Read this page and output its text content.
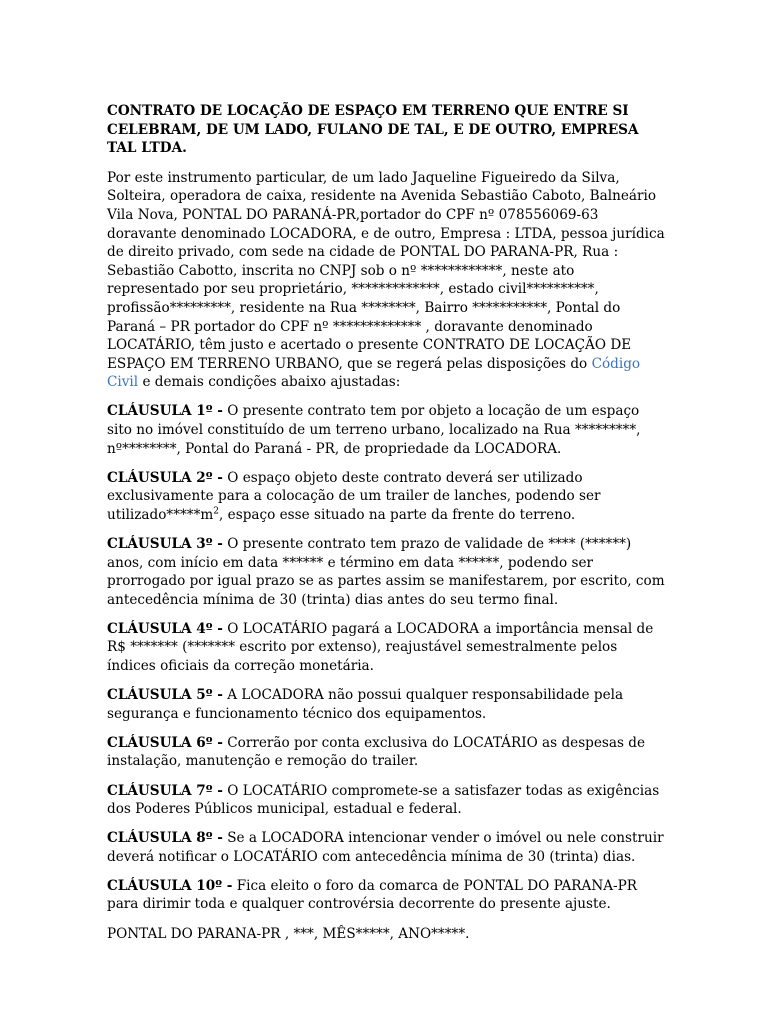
CONTRATO DE LOCAÇÃO DE ESPAÇO EM TERRENO QUE ENTRE SI CELEBRAM, DE UM LADO, FULANO DE TAL, E DE OUTRO, EMPRESA TAL LTDA.

Por este instrumento particular, de um lado Jaqueline Figueiredo da Silva, Solteira, operadora de caixa, residente na Avenida Sebastião Caboto, Balneário Vila Nova, PONTAL DO PARANÁ-PR,portador do CPF nº 078556069-63 doravante denominado LOCADORA, e de outro, Empresa : LTDA, pessoa jurídica de direito privado, com sede na cidade de PONTAL DO PARANA-PR, Rua : Sebastião Cabotto, inscrita no CNPJ sob o nº ************, neste ato representado por seu proprietário, *************, estado civil**********, profissão*********, residente na Rua ********, Bairro ***********, Pontal do Paraná – PR portador do CPF nº ************* , doravante denominado LOCATÁRIO, têm justo e acertado o presente CONTRATO DE LOCAÇÃO DE ESPAÇO EM TERRENO URBANO, que se regerá pelas disposições do Código Civil e demais condições abaixo ajustadas:

CLÁUSULA 1º - O presente contrato tem por objeto a locação de um espaço sito no imóvel constituído de um terreno urbano, localizado na Rua *********, nº********, Pontal do Paraná - PR, de propriedade da LOCADORA.

CLÁUSULA 2º - O espaço objeto deste contrato deverá ser utilizado exclusivamente para a colocação de um trailer de lanches, podendo ser $utilizado*****m^2$, espaço esse situado na parte da frente do terreno.

CLÁUSULA 3º - O presente contrato tem prazo de validade de **** (******) anos, com início em data ****** e término em data ******, podendo ser prorrogado por igual prazo se as partes assim se manifestarem, por escrito, com antecedência mínima de 30 (trinta) dias antes do seu termo final.

CLÁUSULA 4º - O LOCATÁRIO pagará a LOCADORA a importância mensal de R$ ******* (******* escrito por extenso), reajustável semestralmente pelos índices oficiais da correção monetária.

CLÁUSULA 5º - A LOCADORA não possui qualquer responsabilidade pela segurança e funcionamento técnico dos equipamentos.

CLÁUSULA 6º - Correrão por conta exclusiva do LOCATÁRIO as despesas de instalação, manutenção e remoção do trailer.

CLÁUSULA 7º - O LOCATÁRIO compromete-se a satisfazer todas as exigências dos Poderes Públicos municipal, estadual e federal.

CLÁUSULA 8º - Se a LOCADORA intencionar vender o imóvel ou nele construir deverá notificar o LOCATÁRIO com antecedência mínima de 30 (trinta) dias.

CLÁUSULA 10º - Fica eleito o foro da comarca de PONTAL DO PARANA-PR para dirimir toda e qualquer controvérsia decorrente do presente ajuste.

PONTAL DO PARANA-PR , ***, MÊS*****, ANO*****.
